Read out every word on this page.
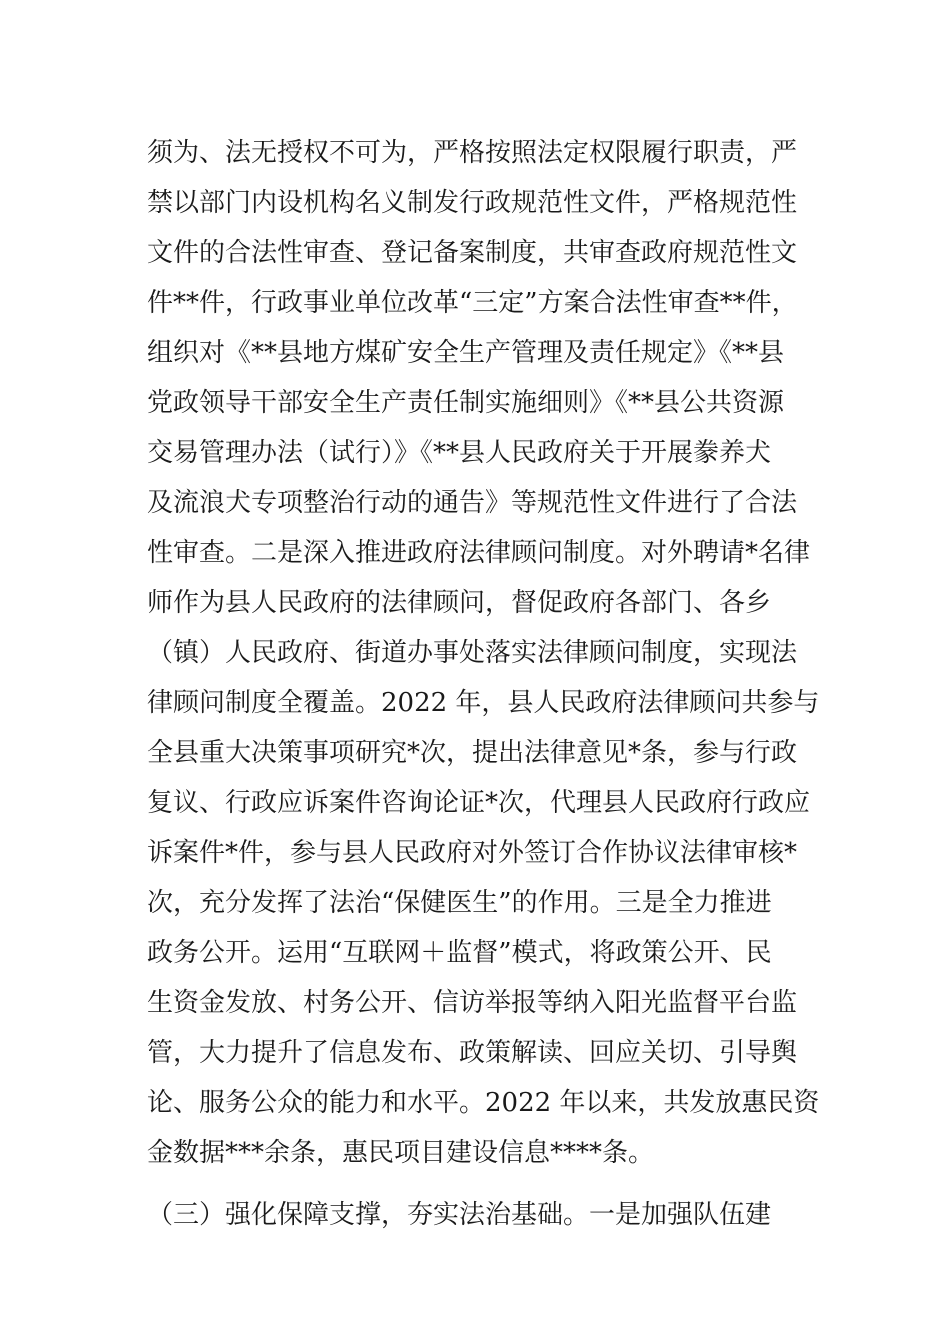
须为、法无授权不可为，严格按照法定权限履行职责，严
禁以部门内设机构名义制发行政规范性文件，严格规范性
文件的合法性审查、登记备案制度，共审查政府规范性文
件**件，行政事业单位改革“三定”方案合法性审查**件，
组织对《**县地方煤矿安全生产管理及责任规定》《**县
党政领导干部安全生产责任制实施细则》《**县公共资源
交易管理办法（试行）》《**县人民政府关于开展豢养犬
及流浪犬专项整治行动的通告》等规范性文件进行了合法
性审查。二是深入推进政府法律顾问制度。对外聘请*名律
师作为县人民政府的法律顾问，督促政府各部门、各乡
（镇）人民政府、街道办事处落实法律顾问制度，实现法
律顾问制度全覆盖。2022 年，县人民政府法律顾问共参与
全县重大决策事项研究*次，提出法律意见*条，参与行政
复议、行政应诉案件咨询论证*次，代理县人民政府行政应
诉案件*件，参与县人民政府对外签订合作协议法律审核*
次，充分发挥了法治“保健医生”的作用。三是全力推进
政务公开。运用“互联网＋监督”模式，将政策公开、民
生资金发放、村务公开、信访举报等纳入阳光监督平台监
管，大力提升了信息发布、政策解读、回应关切、引导舆
论、服务公众的能力和水平。2022 年以来，共发放惠民资
金数据***余条，惠民项目建设信息****条。
（三）强化保障支撑，夯实法治基础。一是加强队伍建
